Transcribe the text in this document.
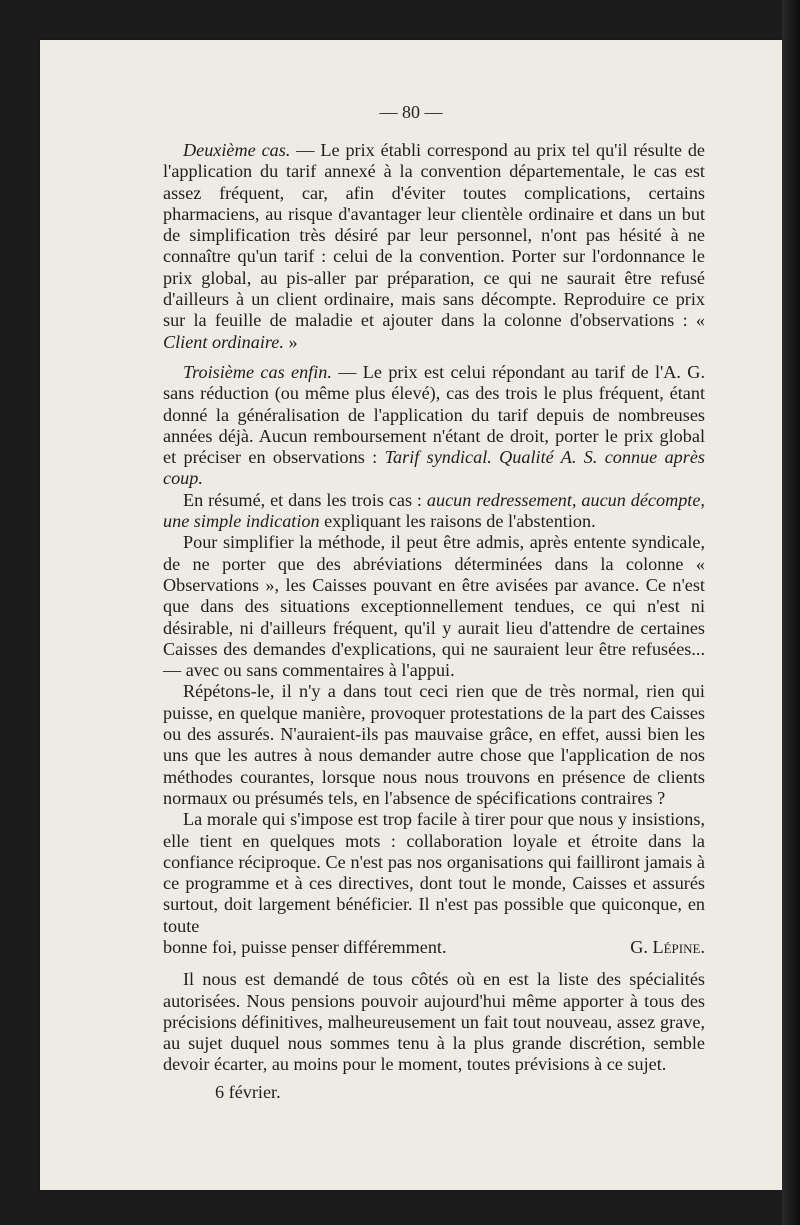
— 80 —

Deuxième cas. — Le prix établi correspond au prix tel qu'il résulte de l'application du tarif annexé à la convention départementale, le cas est assez fréquent, car, afin d'éviter toutes complications, certains pharmaciens, au risque d'avantager leur clientèle ordinaire et dans un but de simplification très désiré par leur personnel, n'ont pas hésité à ne connaître qu'un tarif : celui de la convention. Porter sur l'ordonnance le prix global, au pis-aller par préparation, ce qui ne saurait être refusé d'ailleurs à un client ordinaire, mais sans décompte. Reproduire ce prix sur la feuille de maladie et ajouter dans la colonne d'observations : « Client ordinaire. »

Troisième cas enfin. — Le prix est celui répondant au tarif de l'A. G. sans réduction (ou même plus élevé), cas des trois le plus fréquent, étant donné la généralisation de l'application du tarif depuis de nombreuses années déjà. Aucun remboursement n'étant de droit, porter le prix global et préciser en observations : Tarif syndical. Qualité A. S. connue après coup.

En résumé, et dans les trois cas : aucun redressement, aucun décompte, une simple indication expliquant les raisons de l'abstention.

Pour simplifier la méthode, il peut être admis, après entente syndicale, de ne porter que des abréviations déterminées dans la colonne « Observations », les Caisses pouvant en être avisées par avance. Ce n'est que dans des situations exceptionnellement tendues, ce qui n'est ni désirable, ni d'ailleurs fréquent, qu'il y aurait lieu d'attendre de certaines Caisses des demandes d'explications, qui ne sauraient leur être refusées... — avec ou sans commentaires à l'appui.

Répétons-le, il n'y a dans tout ceci rien que de très normal, rien qui puisse, en quelque manière, provoquer protestations de la part des Caisses ou des assurés. N'auraient-ils pas mauvaise grâce, en effet, aussi bien les uns que les autres à nous demander autre chose que l'application de nos méthodes courantes, lorsque nous nous trouvons en présence de clients normaux ou présumés tels, en l'absence de spécifications contraires ?

La morale qui s'impose est trop facile à tirer pour que nous y insistions, elle tient en quelques mots : collaboration loyale et étroite dans la confiance réciproque. Ce n'est pas nos organisations qui failliront jamais à ce programme et à ces directives, dont tout le monde, Caisses et assurés surtout, doit largement bénéficier. Il n'est pas possible que quiconque, en toute

bonne foi, puisse penser différemment.	G. Lépine.

Il nous est demandé de tous côtés où en est la liste des spécialités autorisées. Nous pensions pouvoir aujourd'hui même apporter à tous des précisions définitives, malheureusement un fait tout nouveau, assez grave, au sujet duquel nous sommes tenu à la plus grande discrétion, semble devoir écarter, au moins pour le moment, toutes prévisions à ce sujet.

6 février.
